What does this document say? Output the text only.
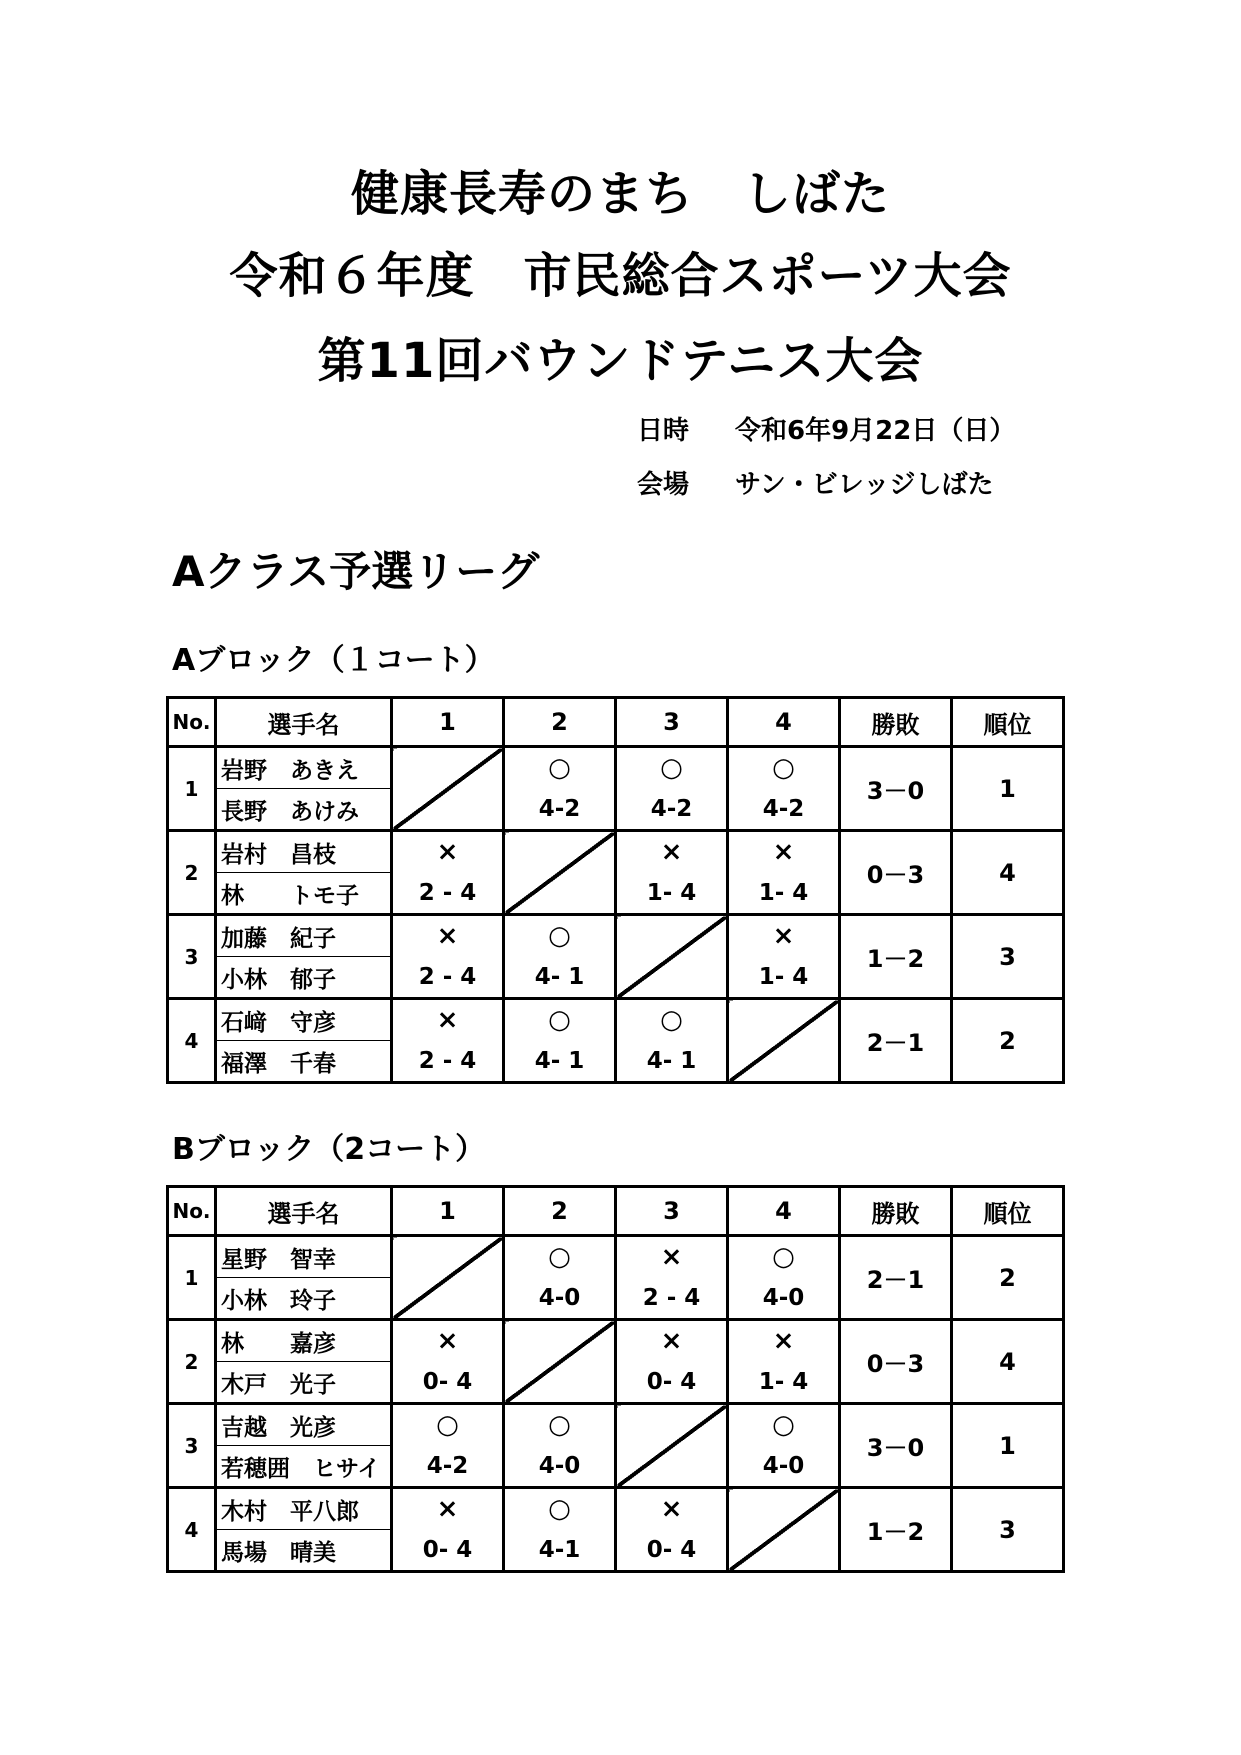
健康長寿のまち　しばた
令和６年度　市民総合スポーツ大会
第11回バウンドテニス大会
日時 令和6年9月22日（日）
会場 サン・ビレッジしばた
Aクラス予選リーグ
Aブロック（１コート）
No.	選手名	1	2	3	4	勝敗	順位
1	岩野　あきえ		○	○	○	3－0	1
	長野　あけみ		4-2	4-2	4-2		
2	岩村　昌枝	×		×	×	0－3	4
	林　　トモ子	2 - 4		1- 4	1- 4		
3	加藤　紀子	×	○		×	1－2	3
	小林　郁子	2 - 4	4- 1		1- 4		
4	石﨑　守彦	×	○	○		2－1	2
	福澤　千春	2 - 4	4- 1	4- 1			
Bブロック（2コート）
No.	選手名	1	2	3	4	勝敗	順位
1	星野　智幸		○	×	○	2－1	2
	小林　玲子		4-0	2 - 4	4-0		
2	林　　嘉彦	×		×	×	0－3	4
	木戸　光子	0- 4		0- 4	1- 4		
3	吉越　光彦	○	○		○	3－0	1
	若穂囲　ヒサイ	4-2	4-0		4-0		
4	木村　平八郎	×	○	×		1－2	3
	馬場　晴美	0- 4	4-1	0- 4			
